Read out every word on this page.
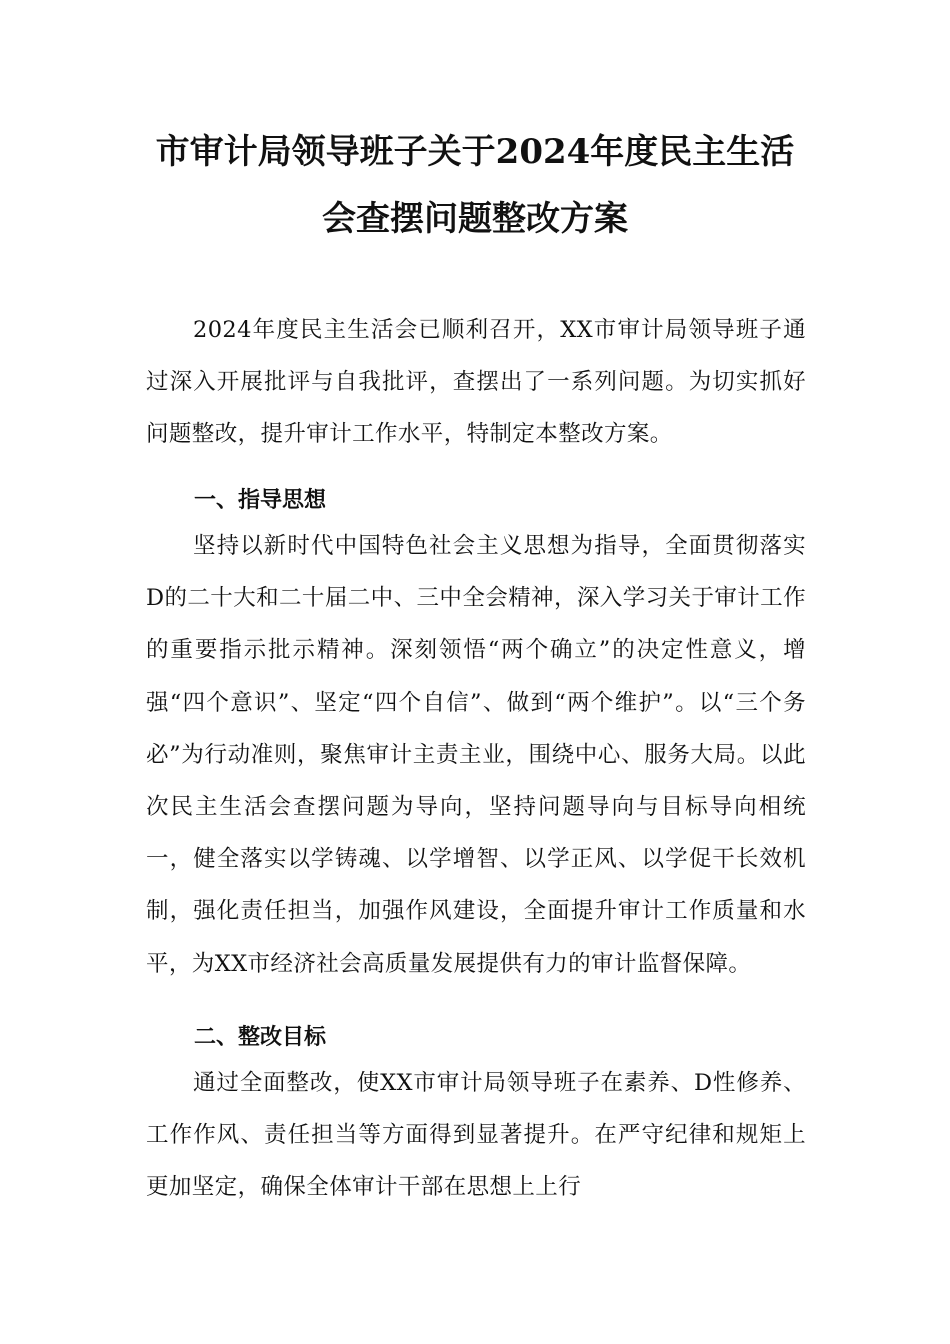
市审计局领导班子关于2024年度民主生活
会查摆问题整改方案

2024年度民主生活会已顺利召开，XX市审计局领导班子通过深入开展批评与自我批评，查摆出了一系列问题。为切实抓好问题整改，提升审计工作水平，特制定本整改方案。

一、指导思想

坚持以新时代中国特色社会主义思想为指导，全面贯彻落实D的二十大和二十届二中、三中全会精神，深入学习关于审计工作的重要指示批示精神。深刻领悟“两个确立”的决定性意义，增强“四个意识”、坚定“四个自信”、做到“两个维护”。以“三个务必”为行动准则，聚焦审计主责主业，围绕中心、服务大局。以此次民主生活会查摆问题为导向，坚持问题导向与目标导向相统一，健全落实以学铸魂、以学增智、以学正风、以学促干长效机制，强化责任担当，加强作风建设，全面提升审计工作质量和水平，为XX市经济社会高质量发展提供有力的审计监督保障。

二、整改目标

通过全面整改，使XX市审计局领导班子在素养、D性修养、工作作风、责任担当等方面得到显著提升。在严守纪律和规矩上更加坚定，确保全体审计干部在思想上上行
